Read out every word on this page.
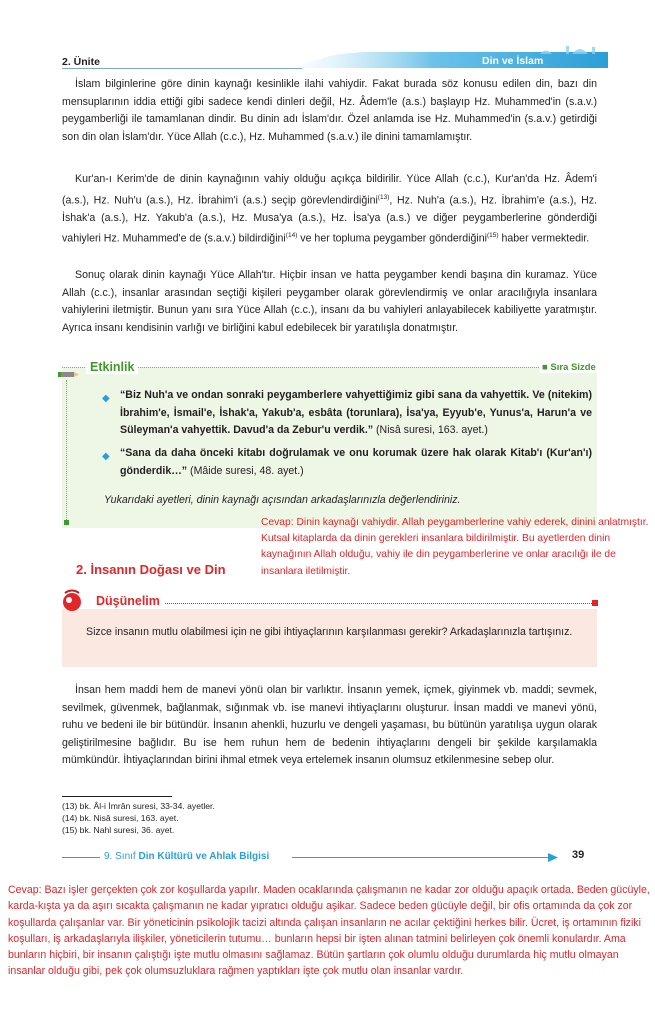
2. Ünite	Din ve İslam

İslam bilginlerine göre dinin kaynağı kesinlikle ilahi vahiydir. Fakat burada söz konusu edilen din, bazı din mensuplarının iddia ettiği gibi sadece kendi dinleri değil, Hz. Âdem'le (a.s.) başlayıp Hz. Muhammed'in (s.a.v.) peygamberliği ile tamamlanan dindir. Bu dinin adı İslam'dır. Özel anlamda ise Hz. Muhammed'in (s.a.v.) getirdiği son din olan İslam'dır. Yüce Allah (c.c.), Hz. Muhammed (s.a.v.) ile dinini tamamlamıştır.

Kur'an-ı Kerim'de de dinin kaynağının vahiy olduğu açıkça bildirilir. Yüce Allah (c.c.), Kur'an'da Hz. Âdem'i (a.s.), Hz. Nuh'u (a.s.), Hz. İbrahim'i (a.s.) seçip görevlendirdiğini$^{(13)}$, Hz. Nuh'a (a.s.), Hz. İbrahim'e (a.s.), Hz. İshak'a (a.s.), Hz. Yakub'a (a.s.), Hz. Musa'ya (a.s.), Hz. İsa'ya (a.s.) ve diğer peygamberlerine gönderdiği vahiyleri Hz. Muhammed'e de (s.a.v.) bildirdiğini$^{(14)}$ ve her topluma peygamber gönderdiğini$^{(15)}$ haber vermektedir.

Sonuç olarak dinin kaynağı Yüce Allah'tır. Hiçbir insan ve hatta peygamber kendi başına din kuramaz. Yüce Allah (c.c.), insanlar arasından seçtiği kişileri peygamber olarak görevlendirmiş ve onlar aracılığıyla insanlara vahiylerini iletmiştir. Bunun yanı sıra Yüce Allah (c.c.), insanı da bu vahiyleri anlayabilecek kabiliyette yaratmıştır. Ayrıca insanı kendisinin varlığı ve birliğini kabul edebilecek bir yaratılışla donatmıştır.

Etkinlik	■ Sıra Sizde
◆ “Biz Nuh'a ve ondan sonraki peygamberlere vahyettiğimiz gibi sana da vahyettik. Ve (nitekim) İbrahim'e, İsmail'e, İshak'a, Yakub'a, esbâta (torunlara), İsa'ya, Eyyub'e, Yunus'a, Harun'a ve Süleyman'a vahyettik. Davud'a da Zebur'u verdik.” (Nisâ suresi, 163. ayet.)
◆ “Sana da daha önceki kitabı doğrulamak ve onu korumak üzere hak olarak Kitab'ı (Kur'an'ı) gönderdik…” (Mâide suresi, 48. ayet.)
Yukarıdaki ayetleri, dinin kaynağı açısından arkadaşlarınızla değerlendiriniz.
Cevap: Dinin kaynağı vahiydir. Allah peygamberlerine vahiy ederek, dinini anlatmıştır. Kutsal kitaplarda da dinin gerekleri insanlara bildirilmiştir. Bu ayetlerden dinin kaynağının Allah olduğu, vahiy ile din peygamberlerine ve onlar aracılığı ile de insanlara iletilmiştir.
2. İnsanın Doğası ve Din
Düşünelim
Sizce insanın mutlu olabilmesi için ne gibi ihtiyaçlarının karşılanması gerekir? Arkadaşlarınızla tartışınız.

İnsan hem maddi hem de manevi yönü olan bir varlıktır. İnsanın yemek, içmek, giyinmek vb. maddi; sevmek, sevilmek, güvenmek, bağlanmak, sığınmak vb. ise manevi ihtiyaçlarını oluşturur. İnsan maddi ve manevi yönü, ruhu ve bedeni ile bir bütündür. İnsanın ahenkli, huzurlu ve dengeli yaşaması, bu bütünün yaratılışa uygun olarak geliştirilmesine bağlıdır. Bu ise hem ruhun hem de bedenin ihtiyaçlarını dengeli bir şekilde karşılamakla mümkündür. İhtiyaçlarından birini ihmal etmek veya ertelemek insanın olumsuz etkilenmesine sebep olur.

(13) bk. Âl-i İmrân suresi, 33-34. ayetler.
(14) bk. Nisâ suresi, 163. ayet.
(15) bk. Nahl suresi, 36. ayet.
9. Sınıf Din Kültürü ve Ahlak Bilgisi	39
Cevap: Bazı işler gerçekten çok zor koşullarda yapılır. Maden ocaklarında çalışmanın ne kadar zor olduğu apaçık ortada. Beden gücüyle, karda-kışta ya da aşırı sıcakta çalışmanın ne kadar yıpratıcı olduğu aşikar. Sadece beden gücüyle değil, bir ofis ortamında da çok zor koşullarda çalışanlar var. Bir yöneticinin psikolojik tacizi altında çalışan insanların ne acılar çektiğini herkes bilir. Ücret, iş ortamının fiziki koşulları, iş arkadaşlarıyla ilişkiler, yöneticilerin tutumu… bunların hepsi bir işten alınan tatmini belirleyen çok önemli konulardır. Ama bunların hiçbiri, bir insanın çalıştığı işte mutlu olmasını sağlamaz. Bütün şartların çok olumlu olduğu durumlarda hiç mutlu olmayan insanlar olduğu gibi, pek çok olumsuzluklara rağmen yaptıkları işte çok mutlu olan insanlar vardır.
